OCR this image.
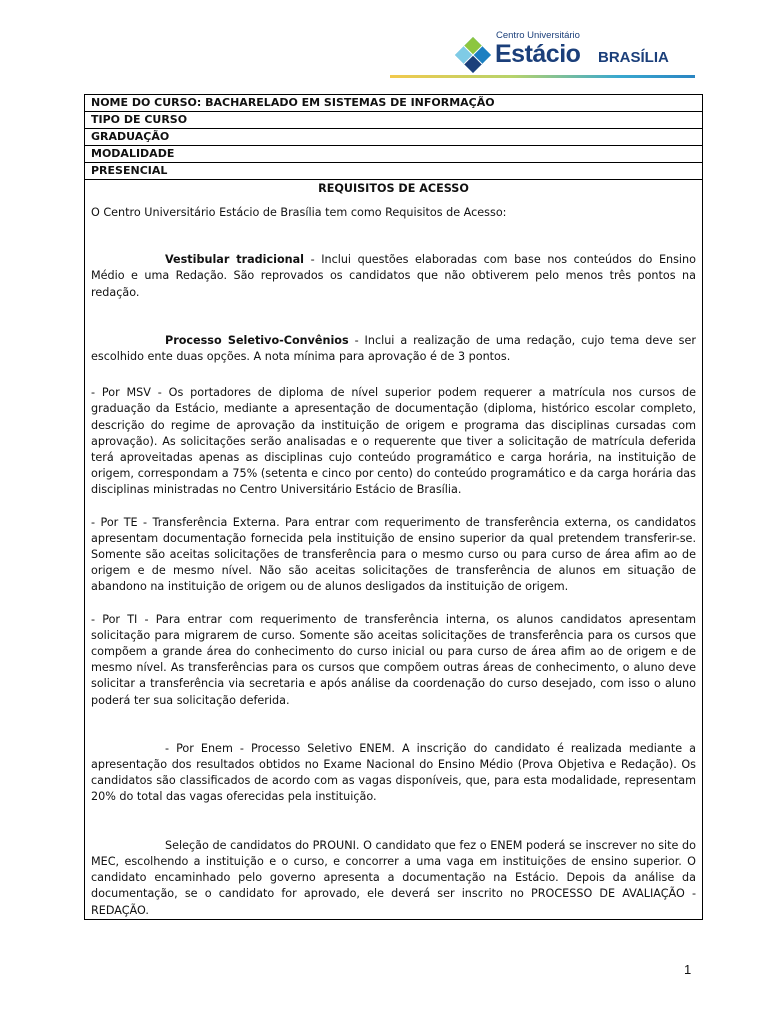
Centro Universitário
Estácio BRASÍLIA
NOME DO CURSO: BACHARELADO EM SISTEMAS DE INFORMAÇÃO
TIPO DE CURSO
GRADUAÇÃO
MODALIDADE
PRESENCIAL

REQUISITOS DE ACESSO

O Centro Universitário Estácio de Brasília tem como Requisitos de Acesso:

Vestibular tradicional - Inclui questões elaboradas com base nos conteúdos do Ensino Médio e uma Redação. São reprovados os candidatos que não obtiverem pelo menos três pontos na redação.

Processo Seletivo-Convênios - Inclui a realização de uma redação, cujo tema deve ser escolhido ente duas opções. A nota mínima para aprovação é de 3 pontos.

- Por MSV - Os portadores de diploma de nível superior podem requerer a matrícula nos cursos de graduação da Estácio, mediante a apresentação de documentação (diploma, histórico escolar completo, descrição do regime de aprovação da instituição de origem e programa das disciplinas cursadas com aprovação). As solicitações serão analisadas e o requerente que tiver a solicitação de matrícula deferida terá aproveitadas apenas as disciplinas cujo conteúdo programático e carga horária, na instituição de origem, correspondam a 75% (setenta e cinco por cento) do conteúdo programático e da carga horária das disciplinas ministradas no Centro Universitário Estácio de Brasília.

- Por TE - Transferência Externa. Para entrar com requerimento de transferência externa, os candidatos apresentam documentação fornecida pela instituição de ensino superior da qual pretendem transferir-se. Somente são aceitas solicitações de transferência para o mesmo curso ou para curso de área afim ao de origem e de mesmo nível. Não são aceitas solicitações de transferência de alunos em situação de abandono na instituição de origem ou de alunos desligados da instituição de origem.

- Por TI - Para entrar com requerimento de transferência interna, os alunos candidatos apresentam solicitação para migrarem de curso. Somente são aceitas solicitações de transferência para os cursos que compõem a grande área do conhecimento do curso inicial ou para curso de área afim ao de origem e de mesmo nível. As transferências para os cursos que compõem outras áreas de conhecimento, o aluno deve solicitar a transferência via secretaria e após análise da coordenação do curso desejado, com isso o aluno poderá ter sua solicitação deferida.

- Por Enem - Processo Seletivo ENEM. A inscrição do candidato é realizada mediante a apresentação dos resultados obtidos no Exame Nacional do Ensino Médio (Prova Objetiva e Redação). Os candidatos são classificados de acordo com as vagas disponíveis, que, para esta modalidade, representam 20% do total das vagas oferecidas pela instituição.

Seleção de candidatos do PROUNI. O candidato que fez o ENEM poderá se inscrever no site do MEC, escolhendo a instituição e o curso, e concorrer a uma vaga em instituições de ensino superior. O candidato encaminhado pelo governo apresenta a documentação na Estácio. Depois da análise da documentação, se o candidato for aprovado, ele deverá ser inscrito no PROCESSO DE AVALIAÇÃO - REDAÇÃO.

1
